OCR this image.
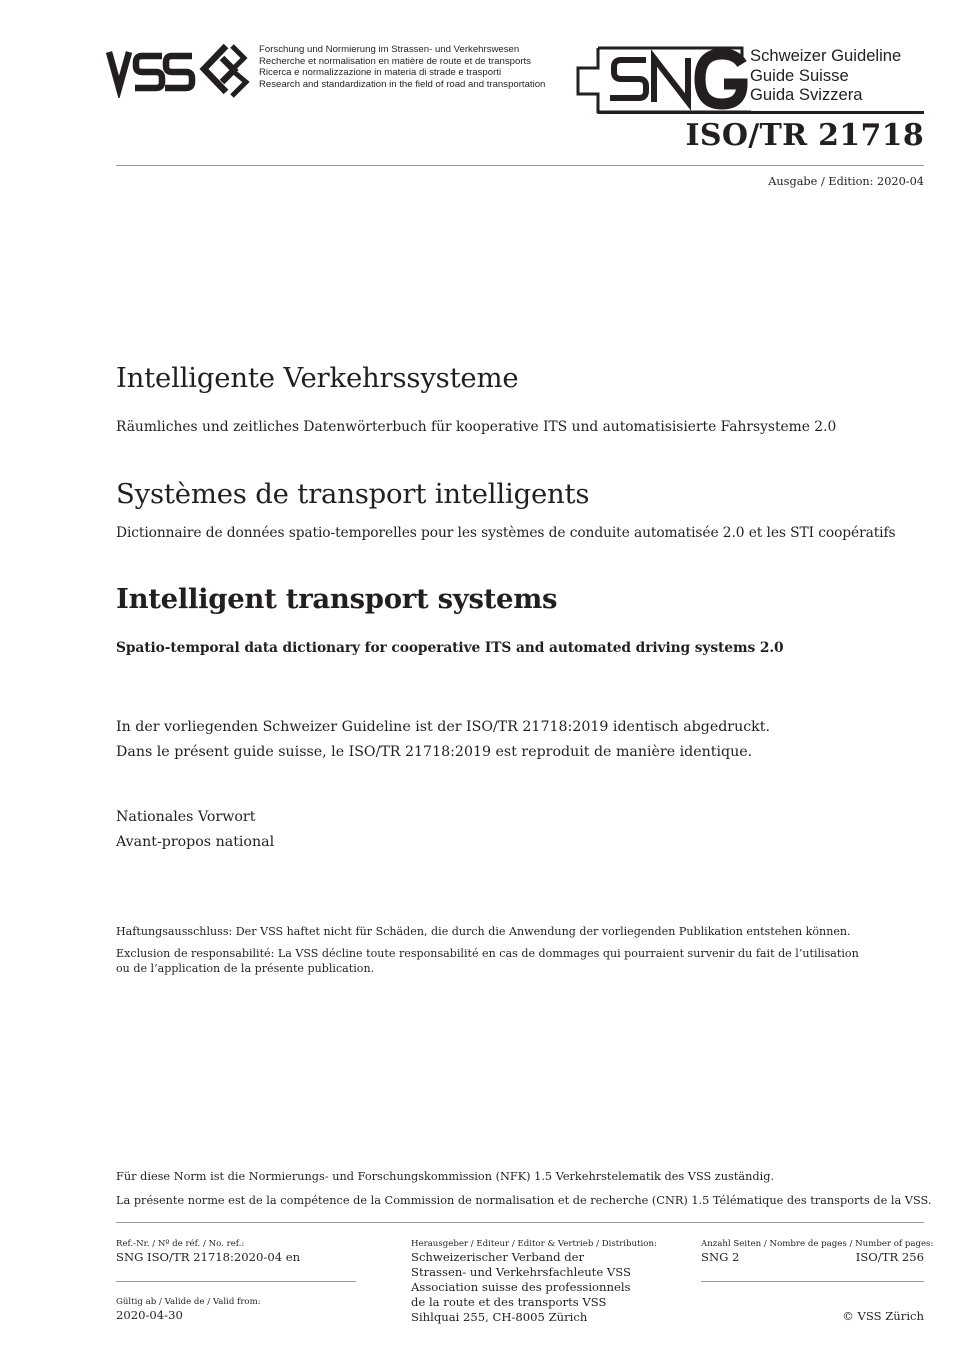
Forschung und Normierung im Strassen- und Verkehrswesen
Recherche et normalisation en matière de route et de transports
Ricerca e normalizzazione in materia di strade e trasporti
Research and standardization in the field of road and transportation
Schweizer Guideline
Guide Suisse
Guida Svizzera
ISO/TR 21718
Ausgabe / Edition: 2020-04
Intelligente Verkehrssysteme
Räumliches und zeitliches Datenwörterbuch für kooperative ITS und automatisisierte Fahrsysteme 2.0
Systèmes de transport intelligents
Dictionnaire de données spatio-temporelles pour les systèmes de conduite automatisée 2.0 et les STI coopératifs
Intelligent transport systems
Spatio-temporal data dictionary for cooperative ITS and automated driving systems 2.0
In der vorliegenden Schweizer Guideline ist der ISO/TR 21718:2019 identisch abgedruckt.
Dans le présent guide suisse, le ISO/TR 21718:2019 est reproduit de manière identique.
Nationales Vorwort
Avant-propos national
Haftungsausschluss: Der VSS haftet nicht für Schäden, die durch die Anwendung der vorliegenden Publikation entstehen können.
Exclusion de responsabilité: La VSS décline toute responsabilité en cas de dommages qui pourraient survenir du fait de l’utilisation
ou de l’application de la présente publication.
Für diese Norm ist die Normierungs- und Forschungskommission (NFK) 1.5 Verkehrstelematik des VSS zuständig.
La présente norme est de la compétence de la Commission de normalisation et de recherche (CNR) 1.5 Télématique des transports de la VSS.
Ref.-Nr. / Nº de réf. / No. ref.:
SNG ISO/TR 21718:2020-04 en
Gültig ab / Valide de / Valid from:
2020-04-30
Herausgeber / Editeur / Editor & Vertrieb / Distribution:
Schweizerischer Verband der
Strassen- und Verkehrsfachleute VSS
Association suisse des professionnels
de la route et des transports VSS
Sihlquai 255, CH-8005 Zürich
Anzahl Seiten / Nombre de pages / Number of pages:
SNG 2	ISO/TR 256
© VSS Zürich
